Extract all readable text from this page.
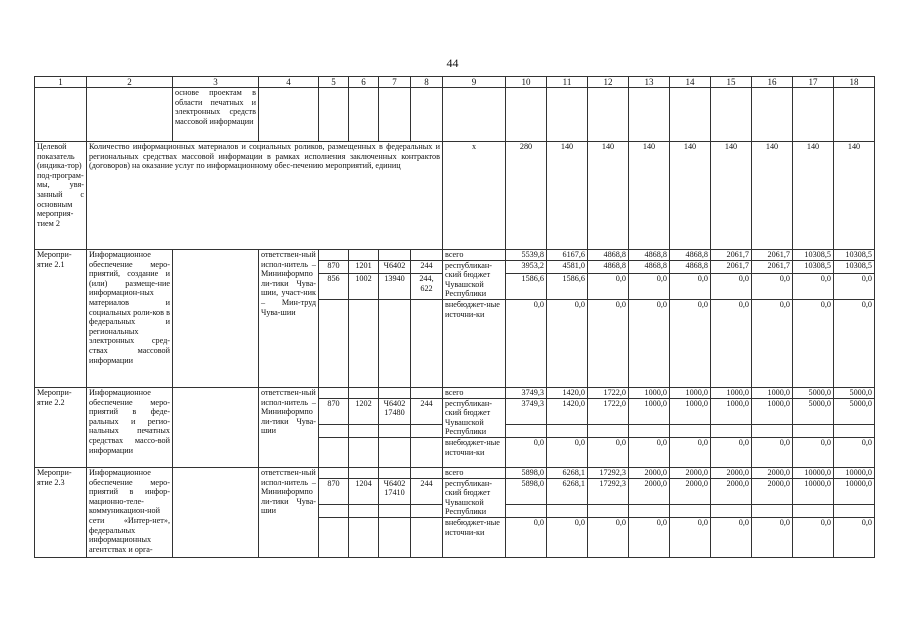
44
1	2	3	4	5	6	7	8	9	10	11	12	13	14	15	16	17	18
		основе проектам в области печатных и электронных средств массовой информации															
Целевой показатель (индика-тор) под-програм-мы, увя-занный с основным мероприя-тием 2	Количество информационных материалов и социальных роликов, размещенных в федеральных и региональных средствах массовой информации в рамках исполнения заключенных контрактов (договоров) на оказание услуг по информационному обес-печению мероприятий, единиц							х	280	140	140	140	140	140	140	140	140
Меропри-ятие 2.1	Информационное обеспечение меро-приятий, создание и (или) размеще-ние информацион-ных материалов и социальных роли-ков в федеральных и региональных электронных сред-ствах массовой информации		ответствен-ный испол-нитель – Мининформполи-тики Чува-шии, участ-ник – Мин-труд Чува-шии					всего	5539,8	6167,6	4868,8	4868,8	4868,8	2061,7	2061,7	10308,5	10308,5
				870	1201	Ч6402	244	республикан-ский бюджет Чувашской Республики	3953,2	4581,0	4868,8	4868,8	4868,8	2061,7	2061,7	10308,5	10308,5
				856	1002	13940	244, 622		1586,6	1586,6	0,0	0,0	0,0	0,0	0,0	0,0	0,0
								внебюджет-ные источни-ки	0,0	0,0	0,0	0,0	0,0	0,0	0,0	0,0	0,0
Меропри-ятие 2.2	Информационное обеспечение меро-приятий в феде-ральных и регио-нальных печатных средствах массо-вой информации		ответствен-ный испол-нитель – Мининформполи-тики Чува-шии					всего	3749,3	1420,0	1722,0	1000,0	1000,0	1000,0	1000,0	5000,0	5000,0
				870	1202	Ч6402 17480	244	республикан-ский бюджет Чувашской Республики	3749,3	1420,0	1722,0	1000,0	1000,0	1000,0	1000,0	5000,0	5000,0

								внебюджет-ные источни-ки	0,0	0,0	0,0	0,0	0,0	0,0	0,0	0,0	0,0
Меропри-ятие 2.3	Информационное обеспечение меро-приятий в инфор-мационно-теле-коммуникацион-ной сети «Интер-нет», федеральных информационных агентствах и орга-		ответствен-ный испол-нитель – Мининформполи-тики Чува-шии					всего	5898,0	6268,1	17292,3	2000,0	2000,0	2000,0	2000,0	10000,0	10000,0
				870	1204	Ч6402 17410	244	республикан-ский бюджет Чувашской Республики	5898,0	6268,1	17292,3	2000,0	2000,0	2000,0	2000,0	10000,0	10000,0

								внебюджет-ные источни-ки	0,0	0,0	0,0	0,0	0,0	0,0	0,0	0,0	0,0
